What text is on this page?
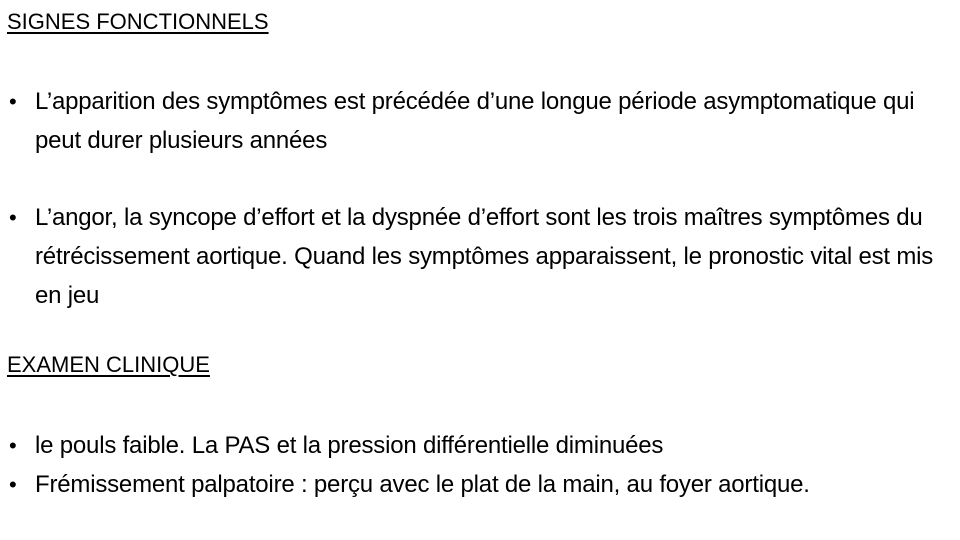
SIGNES FONCTIONNELS
• L’apparition des symptômes est précédée d’une longue période asymptomatique qui peut durer plusieurs années
• L’angor, la syncope d’effort et la dyspnée d’effort sont les trois maîtres symptômes du rétrécissement aortique. Quand les symptômes apparaissent, le pronostic vital est mis en jeu
EXAMEN CLINIQUE
• le pouls faible. La PAS et la pression différentielle diminuées
• Frémissement palpatoire : perçu avec le plat de la main, au foyer aortique.
